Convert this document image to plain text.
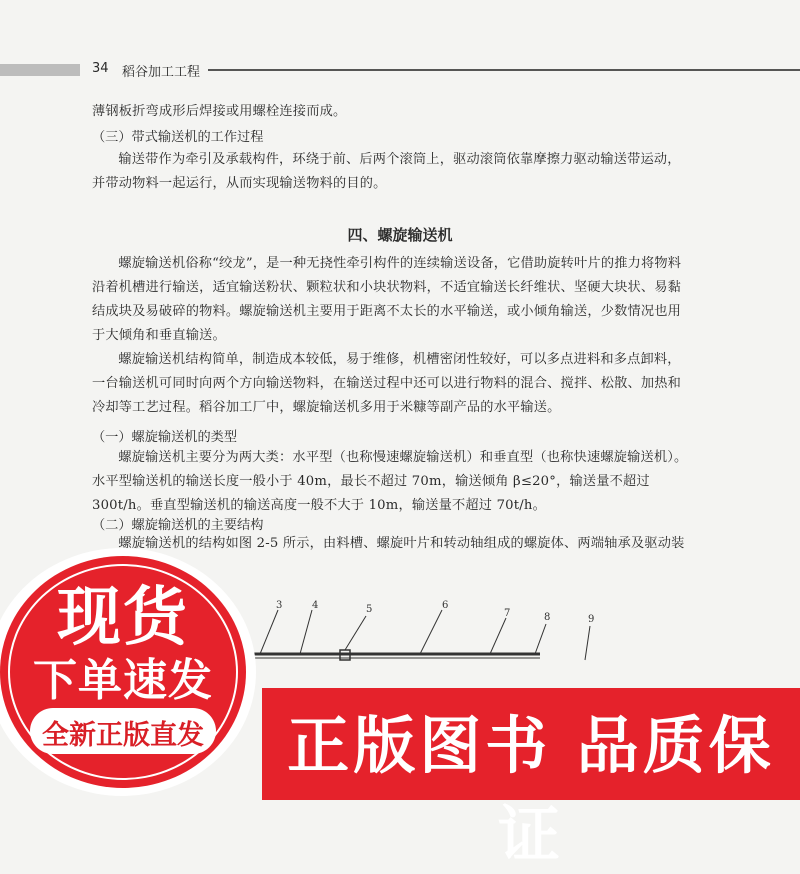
34 稻谷加工工程

薄钢板折弯成形后焊接或用螺栓连接而成。

（三）带式输送机的工作过程

输送带作为牵引及承载构件，环绕于前、后两个滚筒上，驱动滚筒依靠摩擦力驱动输送带运动，并带动物料一起运行，从而实现输送物料的目的。

四、螺旋输送机

螺旋输送机俗称“绞龙”，是一种无挠性牵引构件的连续输送设备，它借助旋转叶片的推力将物料沿着机槽进行输送，适宜输送粉状、颗粒状和小块状物料，不适宜输送长纤维状、坚硬大块状、易黏结成块及易破碎的物料。螺旋输送机主要用于距离不太长的水平输送，或小倾角输送，少数情况也用于大倾角和垂直输送。

螺旋输送机结构简单，制造成本较低，易于维修，机槽密闭性较好，可以多点进料和多点卸料，一台输送机可同时向两个方向输送物料，在输送过程中还可以进行物料的混合、搅拌、松散、加热和冷却等工艺过程。稻谷加工厂中，螺旋输送机多用于米糠等副产品的水平输送。

（一）螺旋输送机的类型

螺旋输送机主要分为两大类：水平型（也称慢速螺旋输送机）和垂直型（也称快速螺旋输送机）。水平型输送机的输送长度一般小于 40m，最长不超过 70m，输送倾角 β≤20°，输送量不超过 300t/h。垂直型输送机的输送高度一般不大于 10m，输送量不超过 70t/h。

（二）螺旋输送机的主要结构

螺旋输送机的结构如图 2-5 所示，由料槽、螺旋叶片和转动轴组成的螺旋体、两端轴承及驱动装

3	4	5	6
7	8	9
正版图书 品质保证
现货
下单速发
全新正版直发
